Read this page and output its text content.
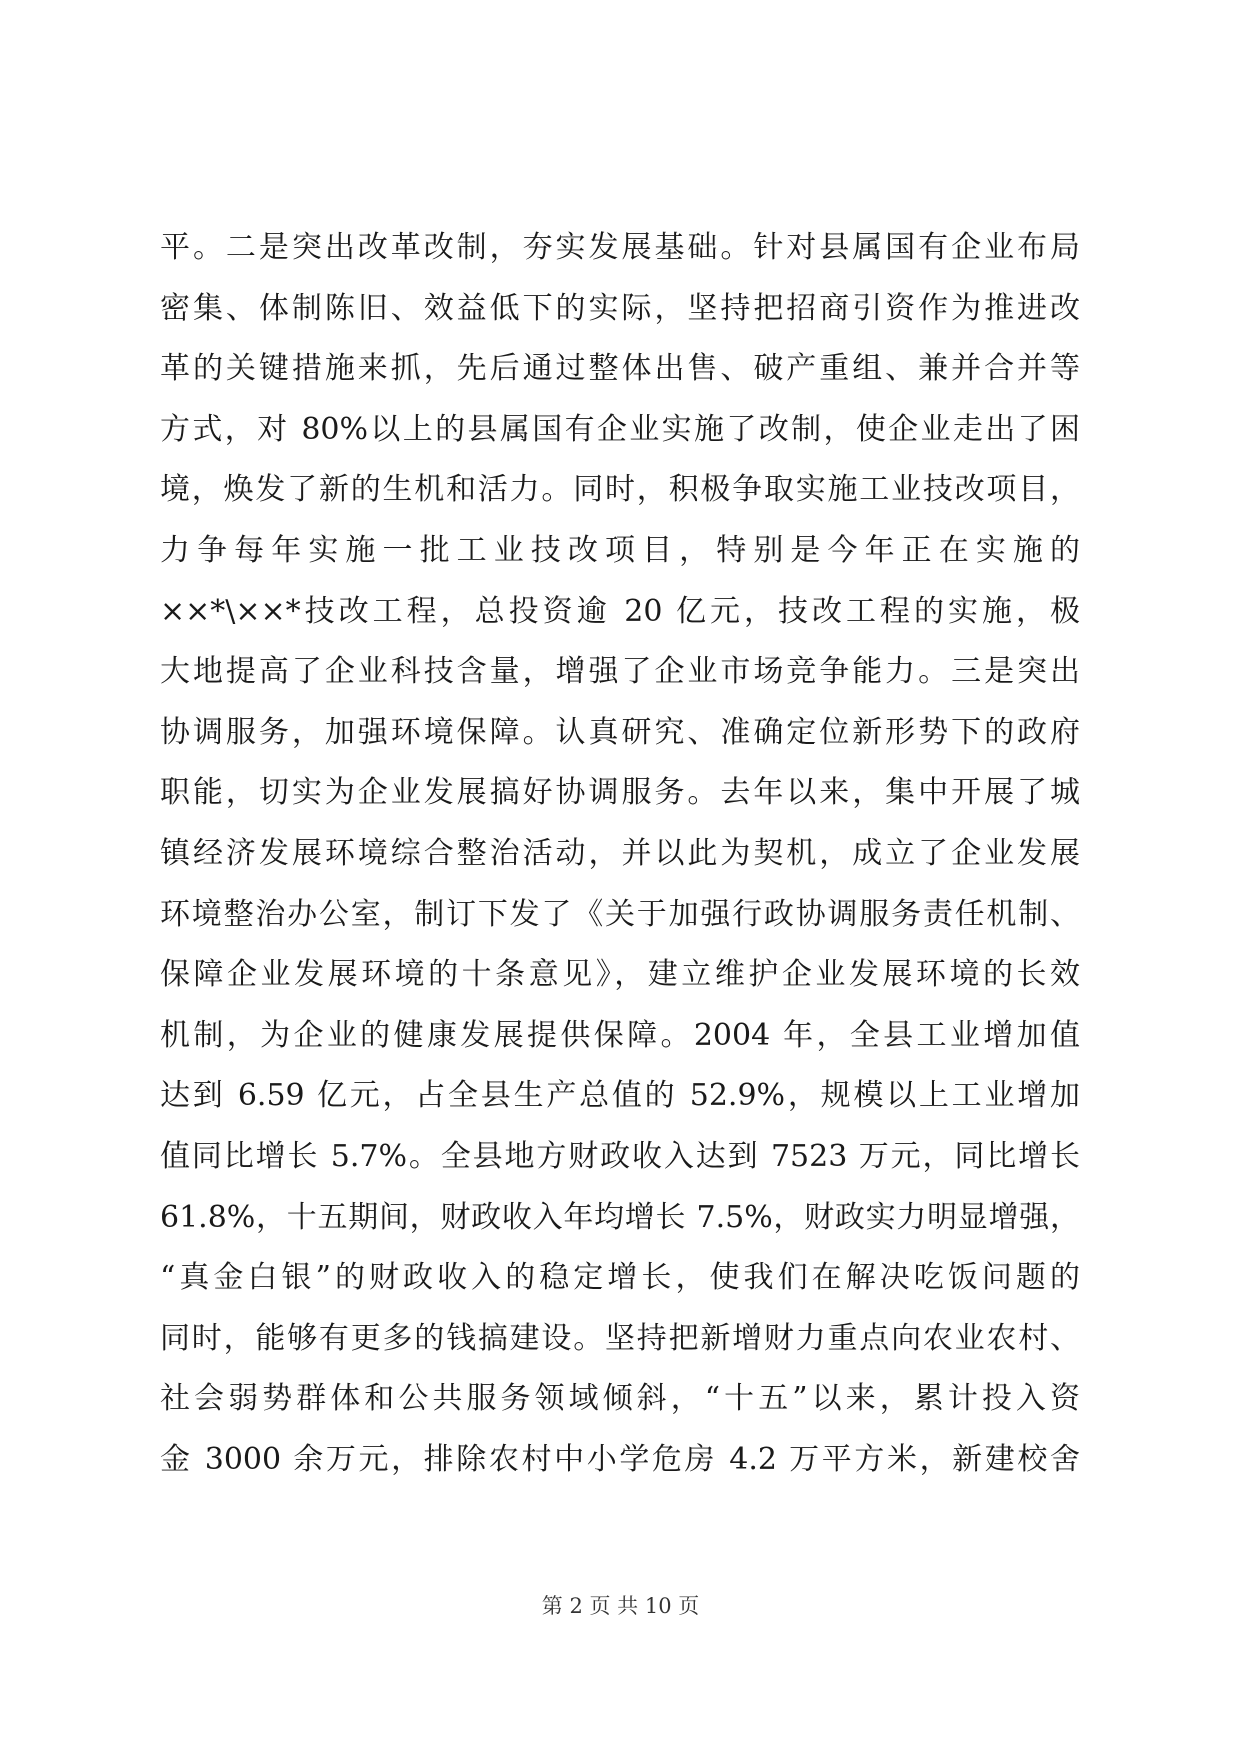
平。二是突出改革改制，夯实发展基础。针对县属国有企业布局
密集、体制陈旧、效益低下的实际，坚持把招商引资作为推进改
革的关键措施来抓，先后通过整体出售、破产重组、兼并合并等
方式，对 80%以上的县属国有企业实施了改制，使企业走出了困
境，焕发了新的生机和活力。同时，积极争取实施工业技改项目，
力争每年实施一批工业技改项目，特别是今年正在实施的
××*\××*技改工程，总投资逾 20 亿元，技改工程的实施，极
大地提高了企业科技含量，增强了企业市场竞争能力。三是突出
协调服务，加强环境保障。认真研究、准确定位新形势下的政府
职能，切实为企业发展搞好协调服务。去年以来，集中开展了城
镇经济发展环境综合整治活动，并以此为契机，成立了企业发展
环境整治办公室，制订下发了《关于加强行政协调服务责任机制、
保障企业发展环境的十条意见》，建立维护企业发展环境的长效
机制，为企业的健康发展提供保障。2004 年，全县工业增加值
达到 6.59 亿元，占全县生产总值的 52.9%，规模以上工业增加
值同比增长 5.7%。全县地方财政收入达到 7523 万元，同比增长
61.8%，十五期间，财政收入年均增长 7.5%，财政实力明显增强，
“真金白银”的财政收入的稳定增长，使我们在解决吃饭问题的
同时，能够有更多的钱搞建设。坚持把新增财力重点向农业农村、
社会弱势群体和公共服务领域倾斜，“十五”以来，累计投入资
金 3000 余万元，排除农村中小学危房 4.2 万平方米，新建校舍
第 2 页 共 10 页
